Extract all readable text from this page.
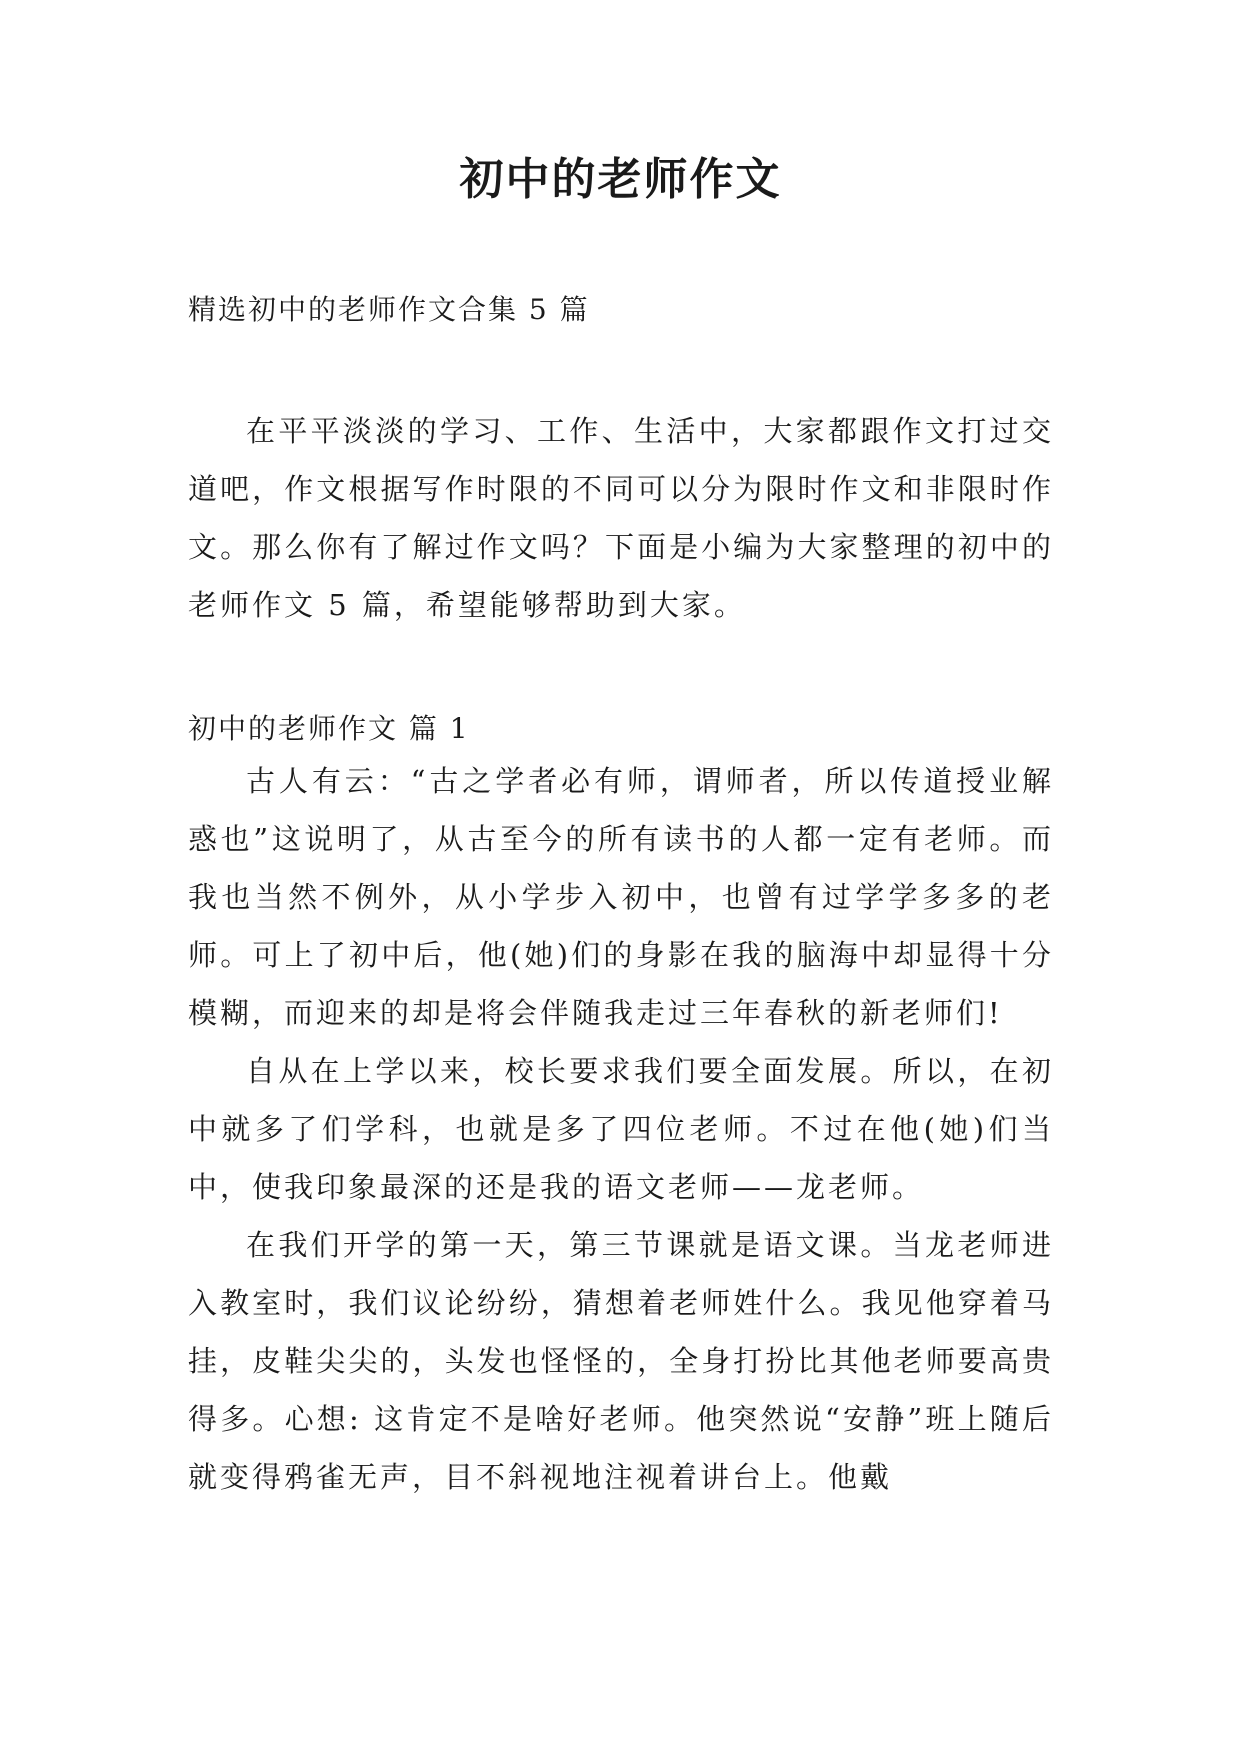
初中的老师作文
精选初中的老师作文合集 5 篇

在平平淡淡的学习、工作、生活中，大家都跟作文打过交道吧，作文根据写作时限的不同可以分为限时作文和非限时作文。那么你有了解过作文吗？下面是小编为大家整理的初中的老师作文 5 篇，希望能够帮助到大家。

初中的老师作文 篇 1

古人有云：“古之学者必有师，谓师者，所以传道授业解惑也”这说明了，从古至今的所有读书的人都一定有老师。而我也当然不例外，从小学步入初中，也曾有过学学多多的老师。可上了初中后，他(她)们的身影在我的脑海中却显得十分模糊，而迎来的却是将会伴随我走过三年春秋的新老师们!

自从在上学以来，校长要求我们要全面发展。所以，在初中就多了们学科，也就是多了四位老师。不过在他(她)们当中，使我印象最深的还是我的语文老师——龙老师。

在我们开学的第一天，第三节课就是语文课。当龙老师进入教室时，我们议论纷纷，猜想着老师姓什么。我见他穿着马挂，皮鞋尖尖的，头发也怪怪的，全身打扮比其他老师要高贵得多。心想: 这肯定不是啥好老师。他突然说“安静”班上随后就变得鸦雀无声，目不斜视地注视着讲台上。他戴
